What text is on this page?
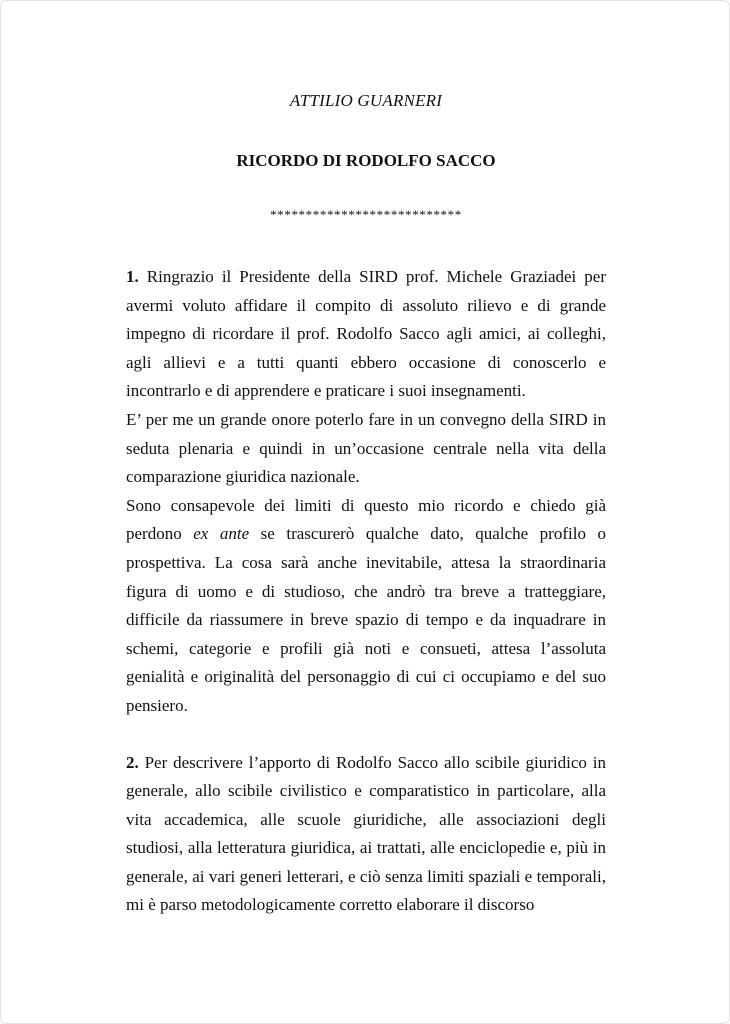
ATTILIO GUARNERI
RICORDO DI RODOLFO SACCO
***************************

1. Ringrazio il Presidente della SIRD prof. Michele Graziadei per avermi voluto affidare il compito di assoluto rilievo e di grande impegno di ricordare il prof. Rodolfo Sacco agli amici, ai colleghi, agli allievi e a tutti quanti ebbero occasione di conoscerlo e incontrarlo e di apprendere e praticare i suoi insegnamenti.

E’ per me un grande onore poterlo fare in un convegno della SIRD in seduta plenaria e quindi in un’occasione centrale nella vita della comparazione giuridica nazionale.

Sono consapevole dei limiti di questo mio ricordo e chiedo già perdono ex ante se trascurerò qualche dato, qualche profilo o prospettiva. La cosa sarà anche inevitabile, attesa la straordinaria figura di uomo e di studioso, che andrò tra breve a tratteggiare, difficile da riassumere in breve spazio di tempo e da inquadrare in schemi, categorie e profili già noti e consueti, attesa l’assoluta genialità e originalità del personaggio di cui ci occupiamo e del suo pensiero.

2. Per descrivere l’apporto di Rodolfo Sacco allo scibile giuridico in generale, allo scibile civilistico e comparatistico in particolare, alla vita accademica, alle scuole giuridiche, alle associazioni degli studiosi, alla letteratura giuridica, ai trattati, alle enciclopedie e, più in generale, ai vari generi letterari, e ciò senza limiti spaziali e temporali, mi è parso metodologicamente corretto elaborare il discorso
